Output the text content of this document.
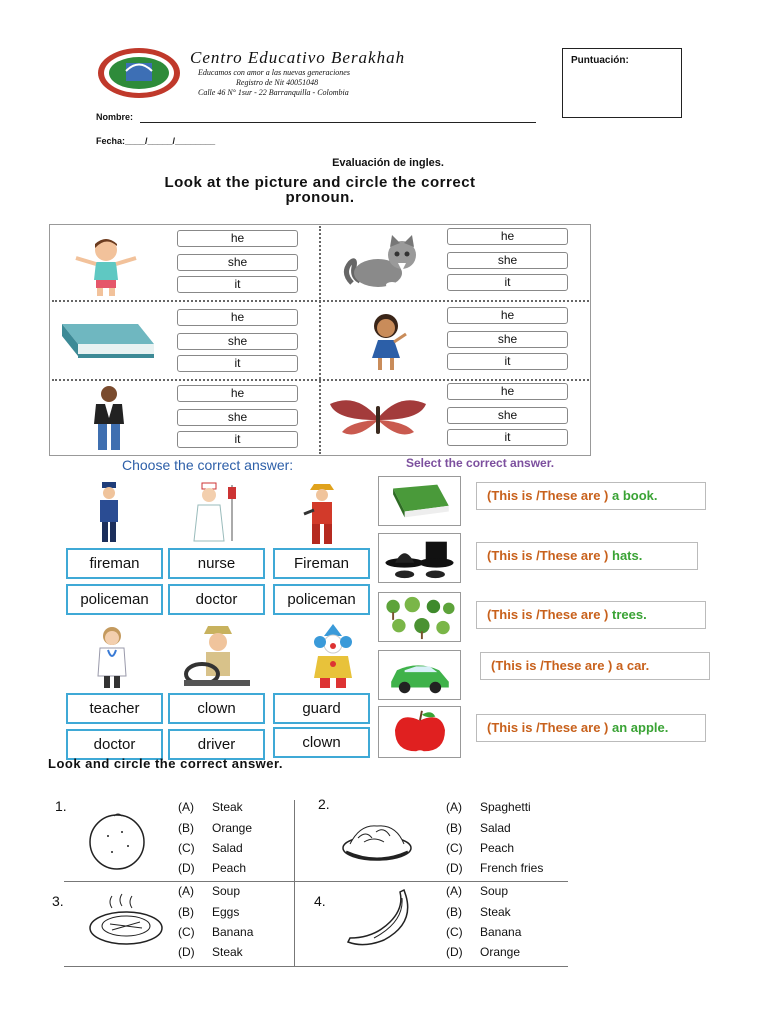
Centro Educativo Berakhah
Educamos con amor a las nuevas generaciones
Registro de Nit 40051048
Calle 46 N° 1sur - 22 Barranquilla - Colombia
Puntuación:
Nombre:
Fecha:____/_____/________
Evaluación de ingles.
Look at the picture and circle the correct
pronoun.
he
she
it
he
she
it
he
she
it
he
she
it
he
she
it
he
she
it
Choose the correct answer:
fireman
policeman
nurse
doctor
Fireman
policeman
teacher
doctor
clown
driver
guard
clown
Select the correct answer.
(This is /These are ) a book.
(This is /These are ) hats.
(This is /These are ) trees.
(This is /These are ) a car.
(This is /These are ) an apple.
Look and circle the correct answer.
1.	2.
3.	4.
(A) Steak
(B) Orange
(C) Salad
(D) Peach
(A) Spaghetti
(B) Salad
(C) Peach
(D) French fries
(A) Soup
(B) Eggs
(C) Banana
(D) Steak
(A) Soup
(B) Steak
(C) Banana
(D) Orange
